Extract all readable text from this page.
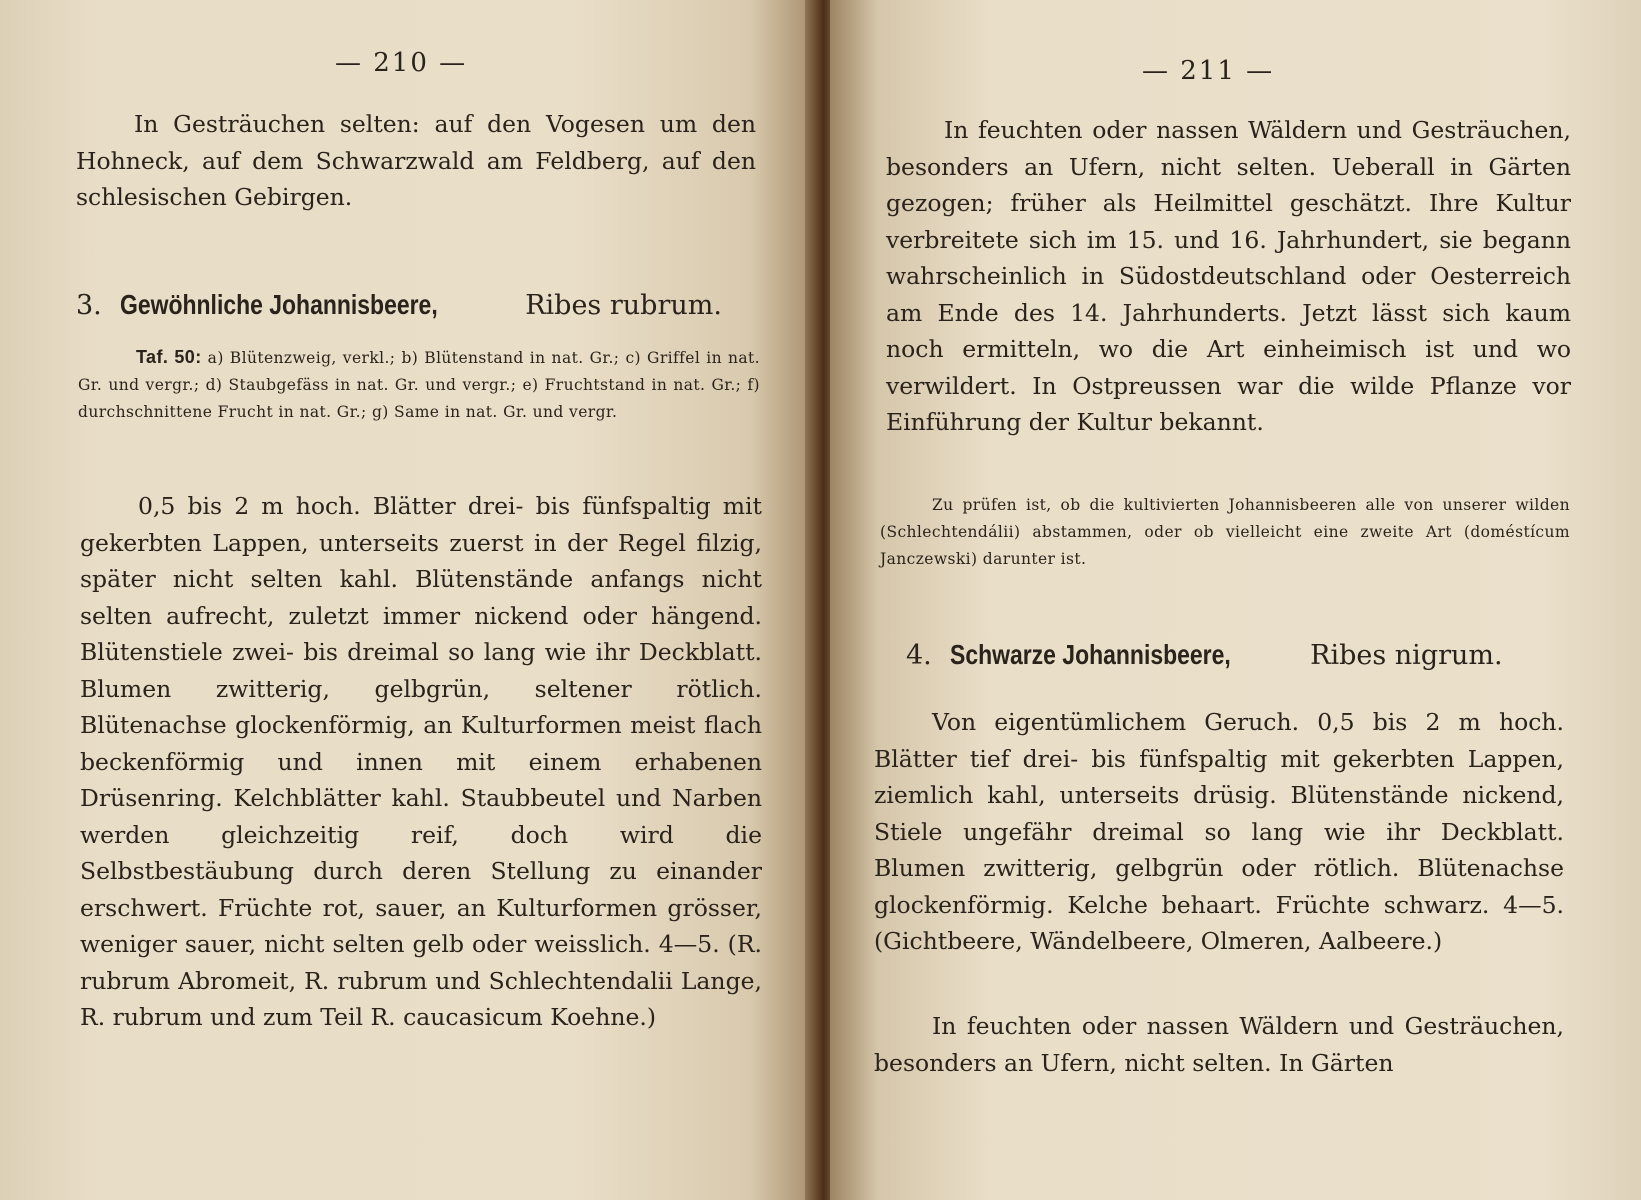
— 210 —

In Gesträuchen selten: auf den Vogesen um den Hohneck, auf dem Schwarzwald am Feldberg, auf den schlesischen Gebirgen.

3. Gewöhnliche Johannisbeere,	Ribes rubrum.
Taf. 50: a) Blütenzweig, verkl.; b) Blütenstand in nat. Gr.; c) Griffel in nat. Gr. und vergr.; d) Staubgefäss in nat. Gr. und vergr.; e) Fruchtstand in nat. Gr.; f) durchschnittene Frucht in nat. Gr.; g) Same in nat. Gr. und vergr.

0,5 bis 2 m hoch. Blätter drei- bis fünfspaltig mit gekerbten Lappen, unterseits zuerst in der Regel filzig, später nicht selten kahl. Blütenstände anfangs nicht selten aufrecht, zuletzt immer nickend oder hängend. Blütenstiele zwei- bis dreimal so lang wie ihr Deckblatt. Blumen zwitterig, gelbgrün, seltener rötlich. Blütenachse glockenförmig, an Kulturformen meist flach beckenförmig und innen mit einem erhabenen Drüsenring. Kelchblätter kahl. Staubbeutel und Narben werden gleichzeitig reif, doch wird die Selbstbestäubung durch deren Stellung zu einander erschwert. Früchte rot, sauer, an Kulturformen grösser, weniger sauer, nicht selten gelb oder weisslich. 4—5. (R. rubrum Abromeit, R. rubrum und Schlechtendalii Lange, R. rubrum und zum Teil R. caucasicum Koehne.)

— 211 —

In feuchten oder nassen Wäldern und Gesträuchen, besonders an Ufern, nicht selten. Ueberall in Gärten gezogen; früher als Heilmittel geschätzt. Ihre Kultur verbreitete sich im 15. und 16. Jahrhundert, sie begann wahrscheinlich in Südostdeutschland oder Oesterreich am Ende des 14. Jahrhunderts. Jetzt lässt sich kaum noch ermitteln, wo die Art einheimisch ist und wo verwildert. In Ostpreussen war die wilde Pflanze vor Einführung der Kultur bekannt.

Zu prüfen ist, ob die kultivierten Johannisbeeren alle von unserer wilden (Schlechtendálii) abstammen, oder ob vielleicht eine zweite Art (doméstícum Janczewski) darunter ist.
4. Schwarze Johannisbeere,	Ribes nigrum.

Von eigentümlichem Geruch. 0,5 bis 2 m hoch. Blätter tief drei- bis fünfspaltig mit gekerbten Lappen, ziemlich kahl, unterseits drüsig. Blütenstände nickend, Stiele ungefähr dreimal so lang wie ihr Deckblatt. Blumen zwitterig, gelbgrün oder rötlich. Blütenachse glockenförmig. Kelche behaart. Früchte schwarz. 4—5. (Gichtbeere, Wändelbeere, Olmeren, Aalbeere.)

In feuchten oder nassen Wäldern und Gesträuchen, besonders an Ufern, nicht selten. In Gärten
